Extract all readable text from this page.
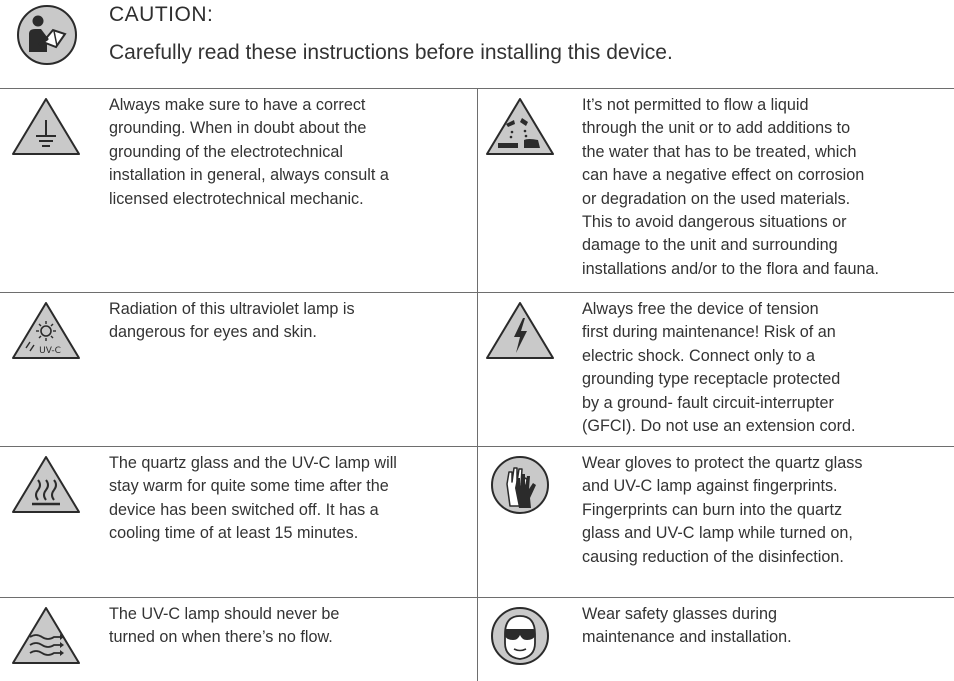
CAUTION:
Carefully read these instructions before installing this device.
Always make sure to have a correct
grounding. When in doubt about the
grounding of the electrotechnical
installation in general, always consult a
licensed electrotechnical mechanic.
It’s not permitted to flow a liquid
through the unit or to add additions to
the water that has to be treated, which
can have a negative effect on corrosion
or degradation on the used materials.
This to avoid dangerous situations or
damage to the unit and surrounding
installations and/or to the flora and fauna.
UV-C
Radiation of this ultraviolet lamp is
dangerous for eyes and skin.
Always free the device of tension
first during maintenance! Risk of an
electric shock. Connect only to a
grounding type receptacle protected
by a ground- fault circuit-interrupter
(GFCI). Do not use an extension cord.
The quartz glass and the UV-C lamp will
stay warm for quite some time after the
device has been switched off. It has a
cooling time of at least 15 minutes.
Wear gloves to protect the quartz glass
and UV-C lamp against fingerprints.
Fingerprints can burn into the quartz
glass and UV-C lamp while turned on,
causing reduction of the disinfection.
The UV-C lamp should never be
turned on when there’s no flow.
Wear safety glasses during
maintenance and installation.
